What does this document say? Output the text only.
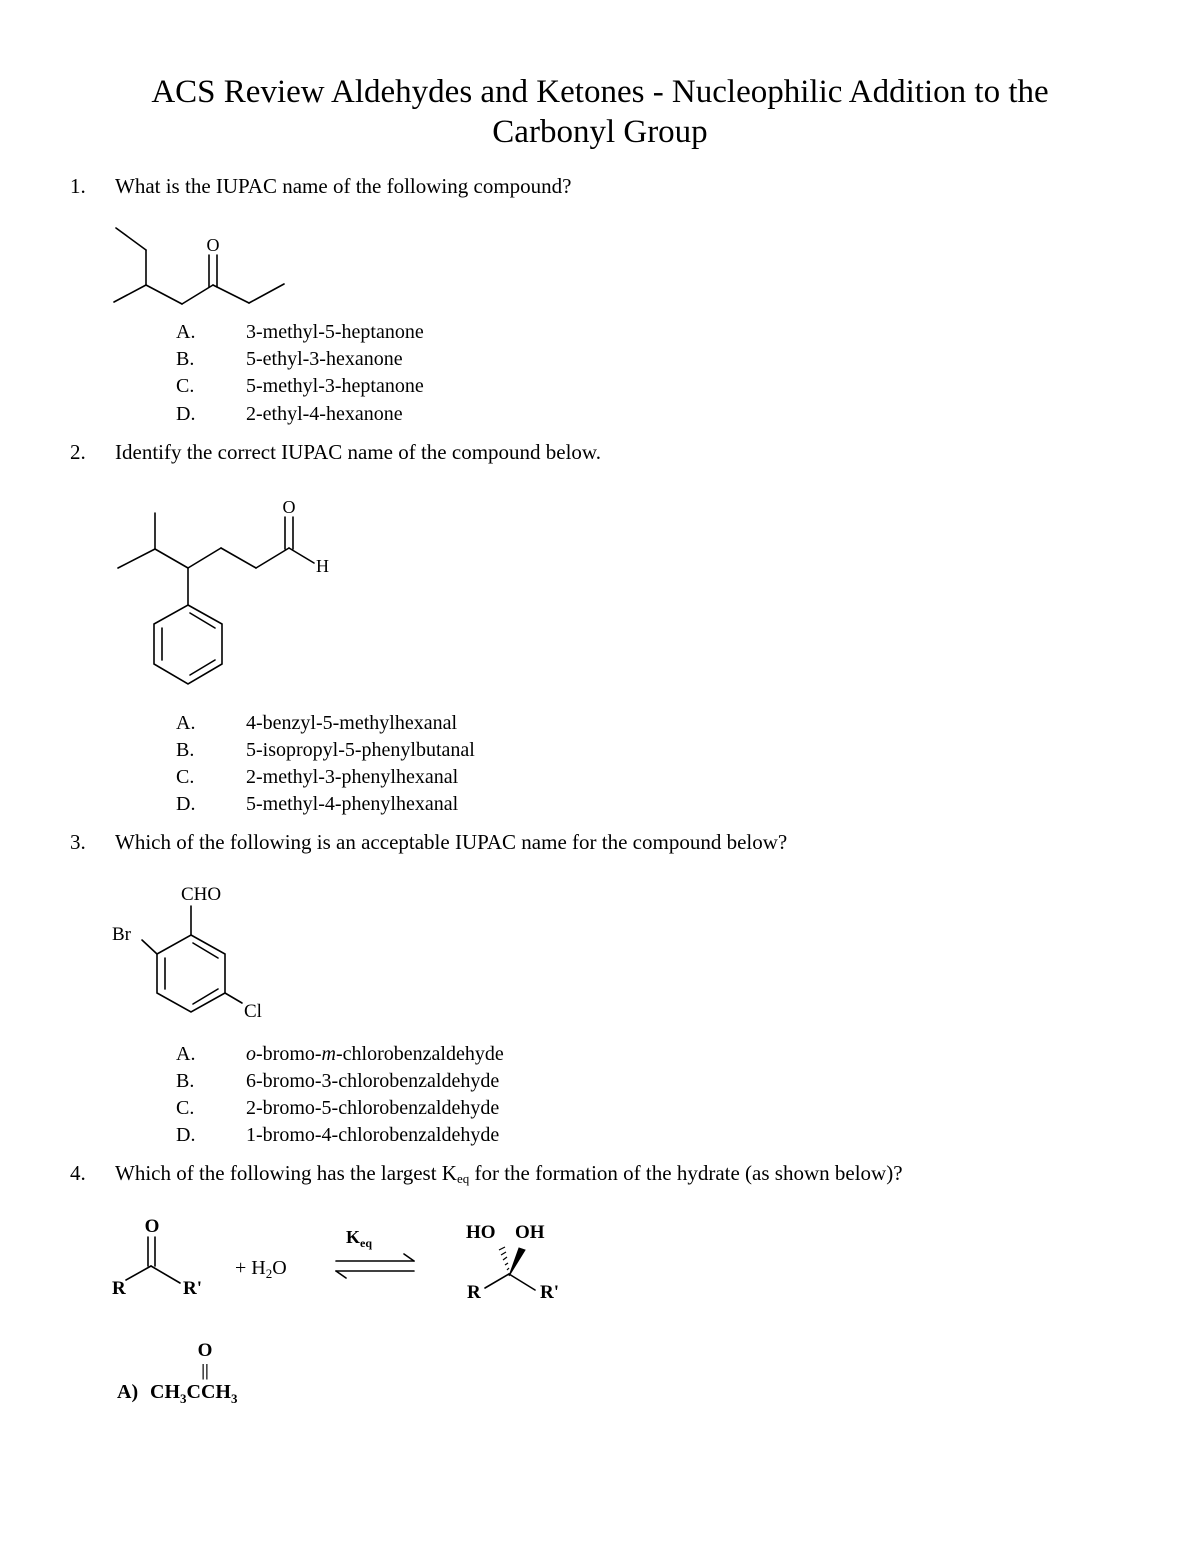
ACS Review Aldehydes and Ketones - Nucleophilic Addition to the
Carbonyl Group
1. What is the IUPAC name of the following compound?
O
A.	3-methyl-5-heptanone
B.	5-ethyl-3-hexanone
C.	5-methyl-3-heptanone
D.	2-ethyl-4-hexanone
2. Identify the correct IUPAC name of the compound below.
O
H
A.	4-benzyl-5-methylhexanal
B.	5-isopropyl-5-phenylbutanal
C.	2-methyl-3-phenylhexanal
D.	5-methyl-4-phenylhexanal
3. Which of the following is an acceptable IUPAC name for the compound below?
CHO
Br
Cl
A.	o-bromo-m-chlorobenzaldehyde
B.	6-bromo-3-chlorobenzaldehyde
C.	2-bromo-5-chlorobenzaldehyde
D.	1-bromo-4-chlorobenzaldehyde
4. Which of the following has the largest $K_{eq}$ for the formation of the hydrate (as shown below)?
O
R	R'
+ $H_2O$
$K_{eq}$	HO OH
R	R'
O
||
A) $CH_3CCH_3$
